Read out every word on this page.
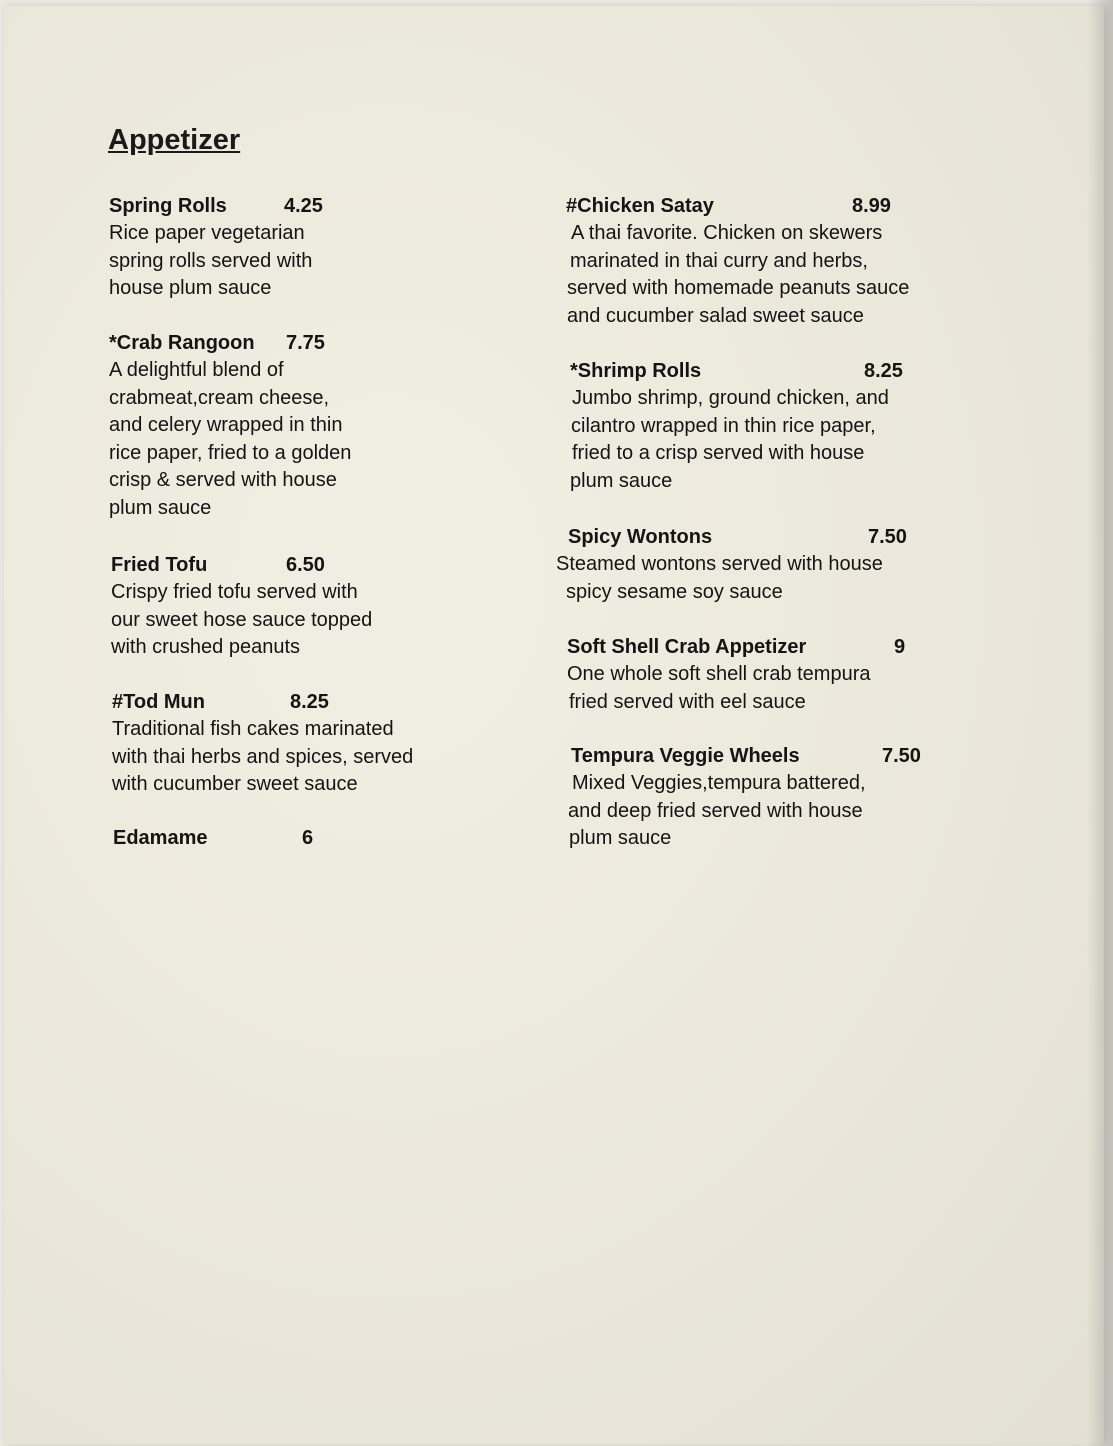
Appetizer
Spring Rolls	4.25
Rice paper vegetarian
spring rolls served with
house plum sauce
*Crab Rangoon 7.75
A delightful blend of
crabmeat,cream cheese,
and celery wrapped in thin
rice paper, fried to a golden
crisp & served with house
plum sauce
Fried Tofu	6.50
Crispy fried tofu served with
our sweet hose sauce topped
with crushed peanuts
#Tod Mun	8.25
Traditional fish cakes marinated
with thai herbs and spices, served
with cucumber sweet sauce
Edamame	6
#Chicken Satay	8.99
A thai favorite. Chicken on skewers
marinated in thai curry and herbs,
served with homemade peanuts sauce
and cucumber salad sweet sauce
*Shrimp Rolls	8.25
Jumbo shrimp, ground chicken, and
cilantro wrapped in thin rice paper,
fried to a crisp served with house
plum sauce
Spicy Wontons	7.50
Steamed wontons served with house
spicy sesame soy sauce
Soft Shell Crab Appetizer	9
One whole soft shell crab tempura
fried served with eel sauce
Tempura Veggie Wheels	7.50
Mixed Veggies,tempura battered,
and deep fried served with house
plum sauce
